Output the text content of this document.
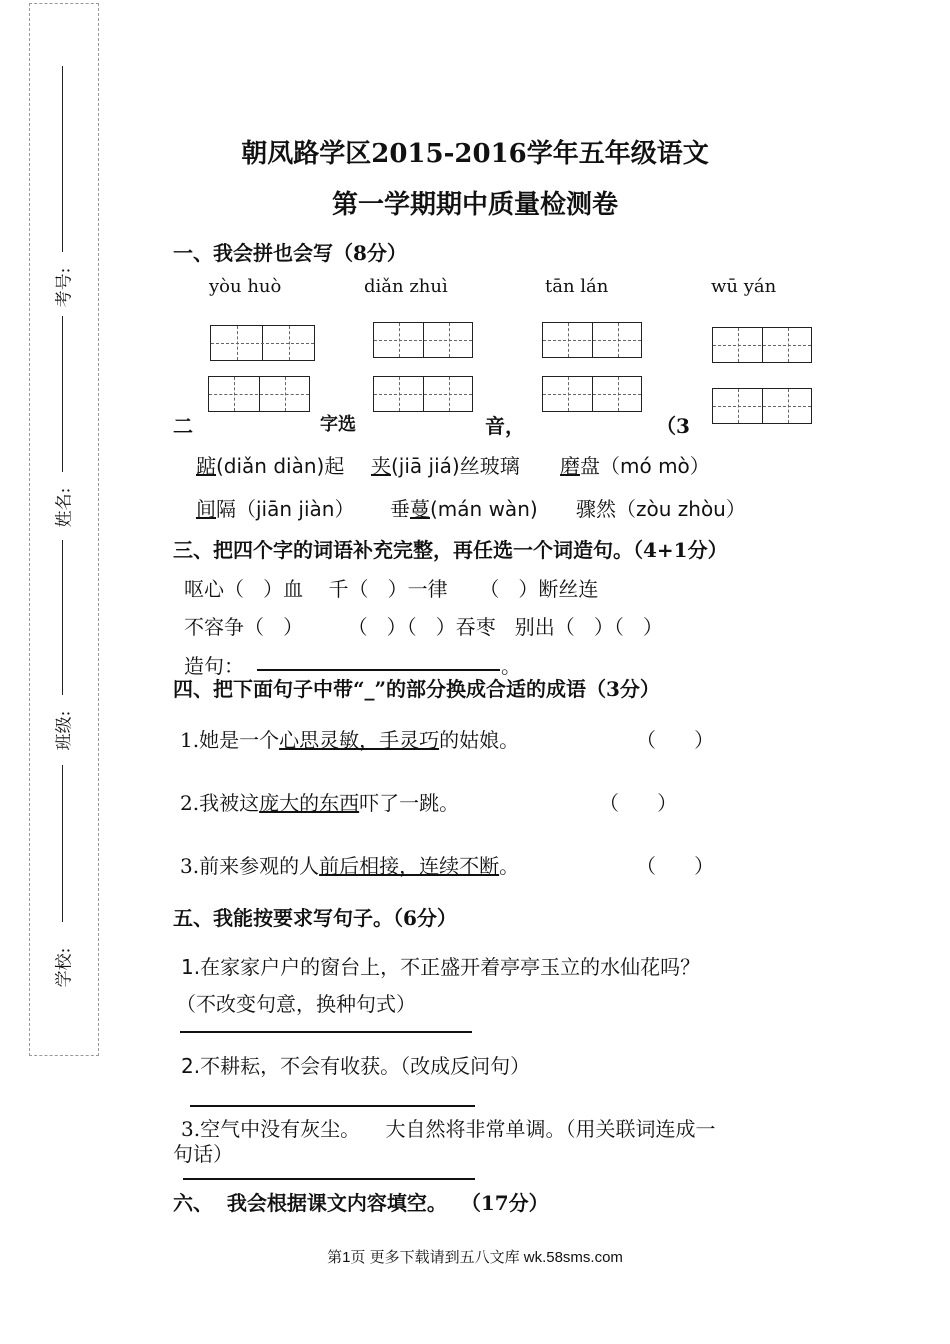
考号:
姓名:
班级:
学校:
朝凤路学区2015-2016学年五年级语文
第一学期期中质量检测卷
一、我会拼也会写（8分）
yòu huò	diǎn zhuì	tān lán	wū yán
二	字选	音，	（3
踮(diǎn diàn)起 夹(jiā jiá)丝玻璃 磨盘（mó mò）
间隔（jiān jiàn） 垂蔓(mán wàn) 骤然（zòu zhòu）
三、把四个字的词语补充完整，再任选一个词造句。（4+1分）
呕心（   ）血    千（   ）一律     （   ）断丝连
不容争（   ）       （   ）（   ）吞枣   别出（   ）（   ）
造句：	。
四、把下面句子中带“_”的部分换成合适的成语（3分）
1.她是一个心思灵敏，手灵巧的姑娘。	（      ）
2.我被这庞大的东西吓了一跳。	（      ）
3.前来参观的人前后相接，连续不断。	（      ）
五、我能按要求写句子。（6分）
1.在家家户户的窗台上，不正盛开着亭亭玉立的水仙花吗？
（不改变句意，换种句式）
2.不耕耘，不会有收获。（改成反问句）
3.空气中没有灰尘。    大自然将非常单调。（用关联词连成一
句话）
六、  我会根据课文内容填空。  （17分）
第1页 更多下载请到五八文库 wk.58sms.com
